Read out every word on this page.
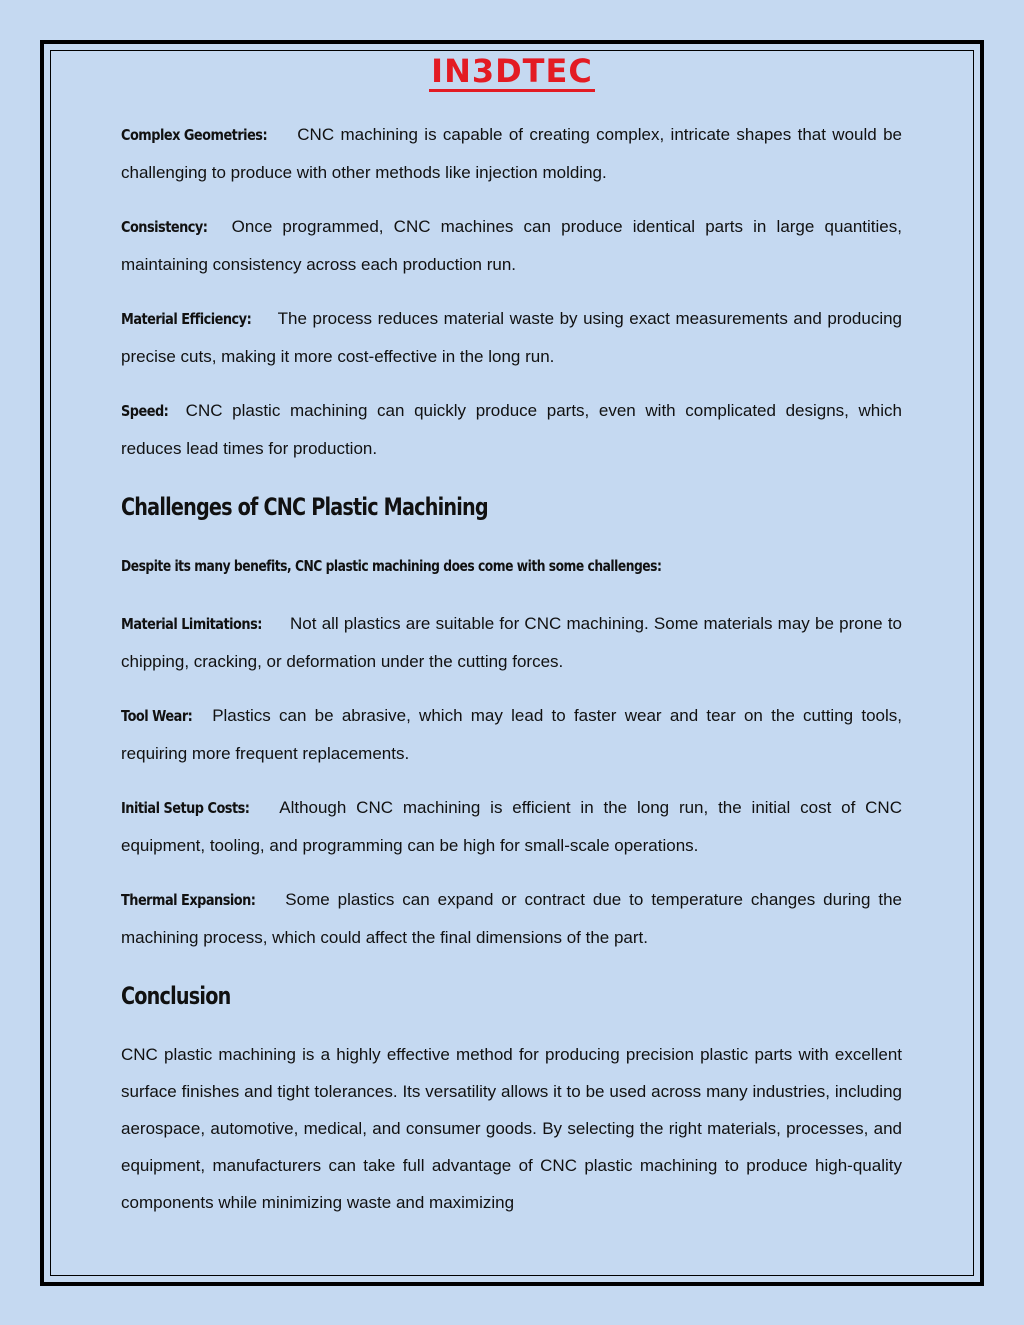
IN3DTEC

Complex Geometries: CNC machining is capable of creating complex, intricate shapes that would be challenging to produce with other methods like injection molding.

Consistency: Once programmed, CNC machines can produce identical parts in large quantities, maintaining consistency across each production run.

Material Efficiency: The process reduces material waste by using exact measurements and producing precise cuts, making it more cost-effective in the long run.

Speed: CNC plastic machining can quickly produce parts, even with complicated designs, which reduces lead times for production.

Challenges of CNC Plastic Machining
Despite its many benefits, CNC plastic machining does come with some challenges:

Material Limitations: Not all plastics are suitable for CNC machining. Some materials may be prone to chipping, cracking, or deformation under the cutting forces.

Tool Wear: Plastics can be abrasive, which may lead to faster wear and tear on the cutting tools, requiring more frequent replacements.

Initial Setup Costs: Although CNC machining is efficient in the long run, the initial cost of CNC equipment, tooling, and programming can be high for small-scale operations.

Thermal Expansion: Some plastics can expand or contract due to temperature changes during the machining process, which could affect the final dimensions of the part.

Conclusion

CNC plastic machining is a highly effective method for producing precision plastic parts with excellent surface finishes and tight tolerances. Its versatility allows it to be used across many industries, including aerospace, automotive, medical, and consumer goods. By selecting the right materials, processes, and equipment, manufacturers can take full advantage of CNC plastic machining to produce high-quality components while minimizing waste and maximizing
